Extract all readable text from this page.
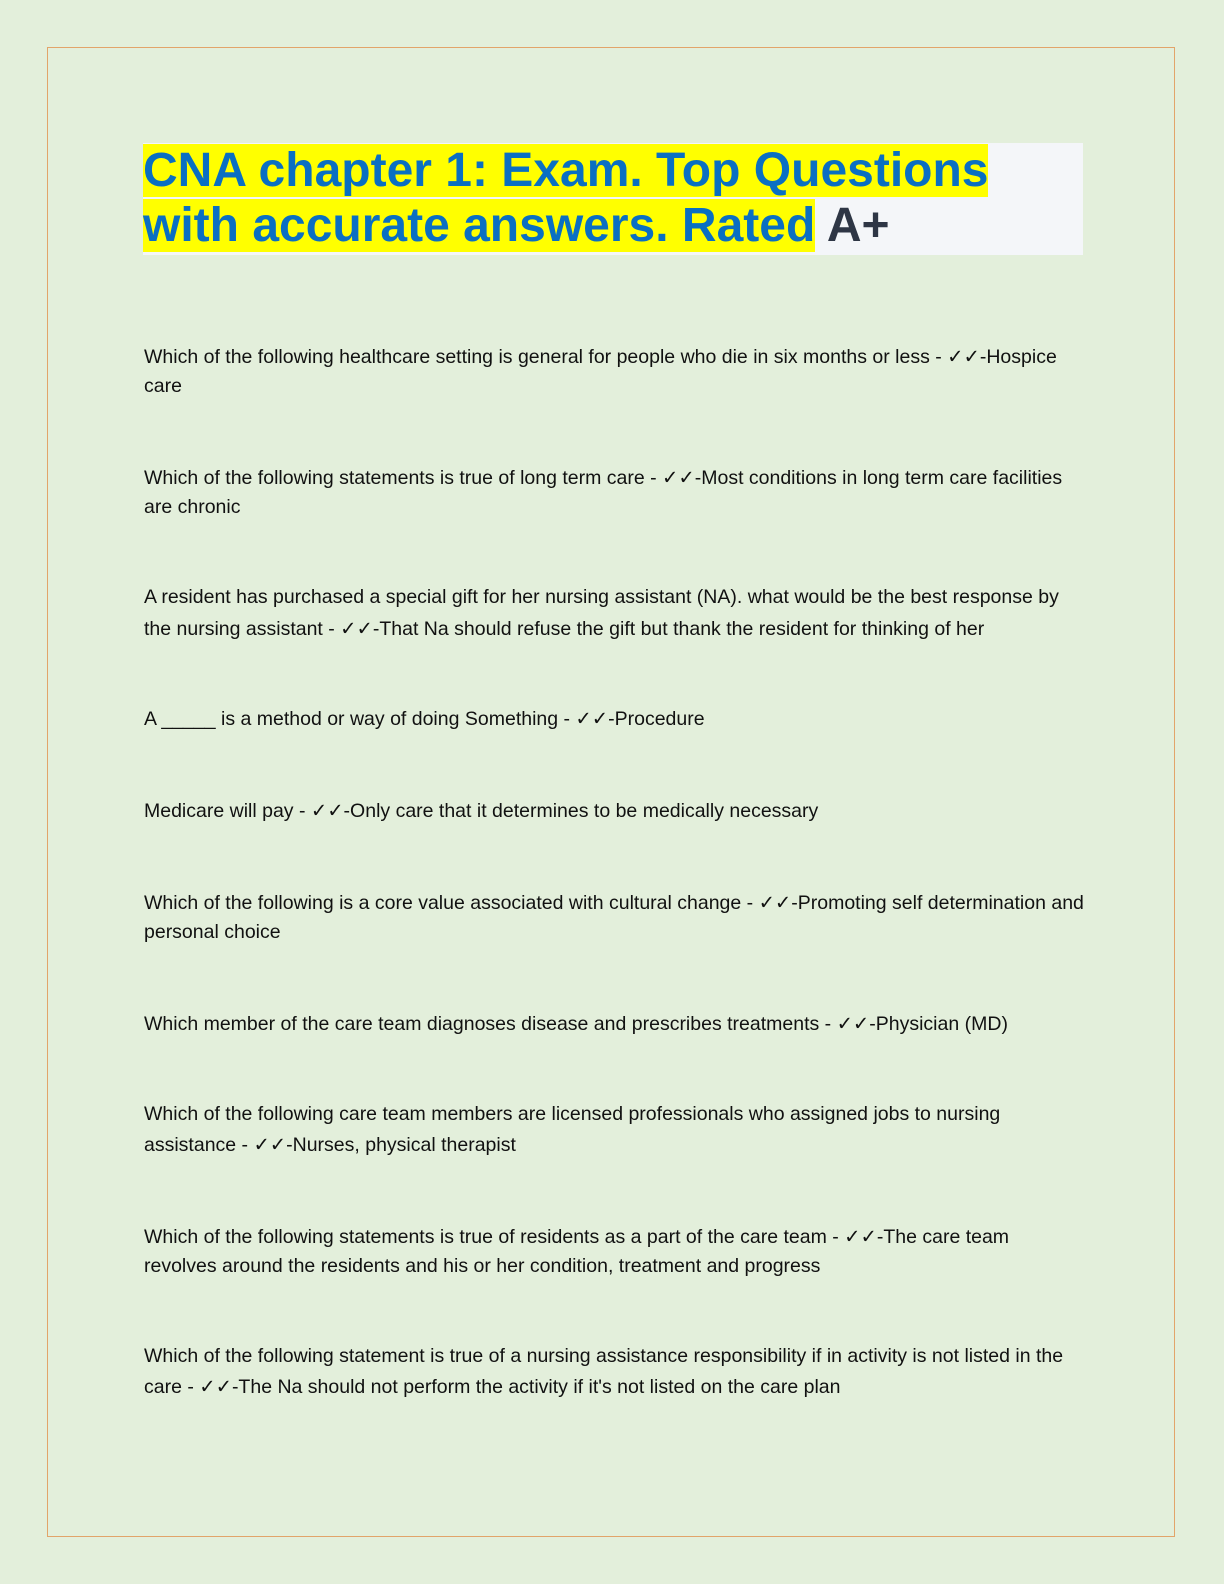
CNA chapter 1: Exam. Top Questions with accurate answers. Rated A+

Which of the following healthcare setting is general for people who die in six months or less - ✓✓-Hospice care

Which of the following statements is true of long term care - ✓✓-Most conditions in long term care facilities are chronic

A resident has purchased a special gift for her nursing assistant (NA). what would be the best response by the nursing assistant - ✓✓-That Na should refuse the gift but thank the resident for thinking of her

A _____ is a method or way of doing Something - ✓✓-Procedure

Medicare will pay - ✓✓-Only care that it determines to be medically necessary

Which of the following is a core value associated with cultural change - ✓✓-Promoting self determination and personal choice

Which member of the care team diagnoses disease and prescribes treatments - ✓✓-Physician (MD)

Which of the following care team members are licensed professionals who assigned jobs to nursing assistance - ✓✓-Nurses, physical therapist

Which of the following statements is true of residents as a part of the care team - ✓✓-The care team revolves around the residents and his or her condition, treatment and progress

Which of the following statement is true of a nursing assistance responsibility if in activity is not listed in the care - ✓✓-The Na should not perform the activity if it's not listed on the care plan
